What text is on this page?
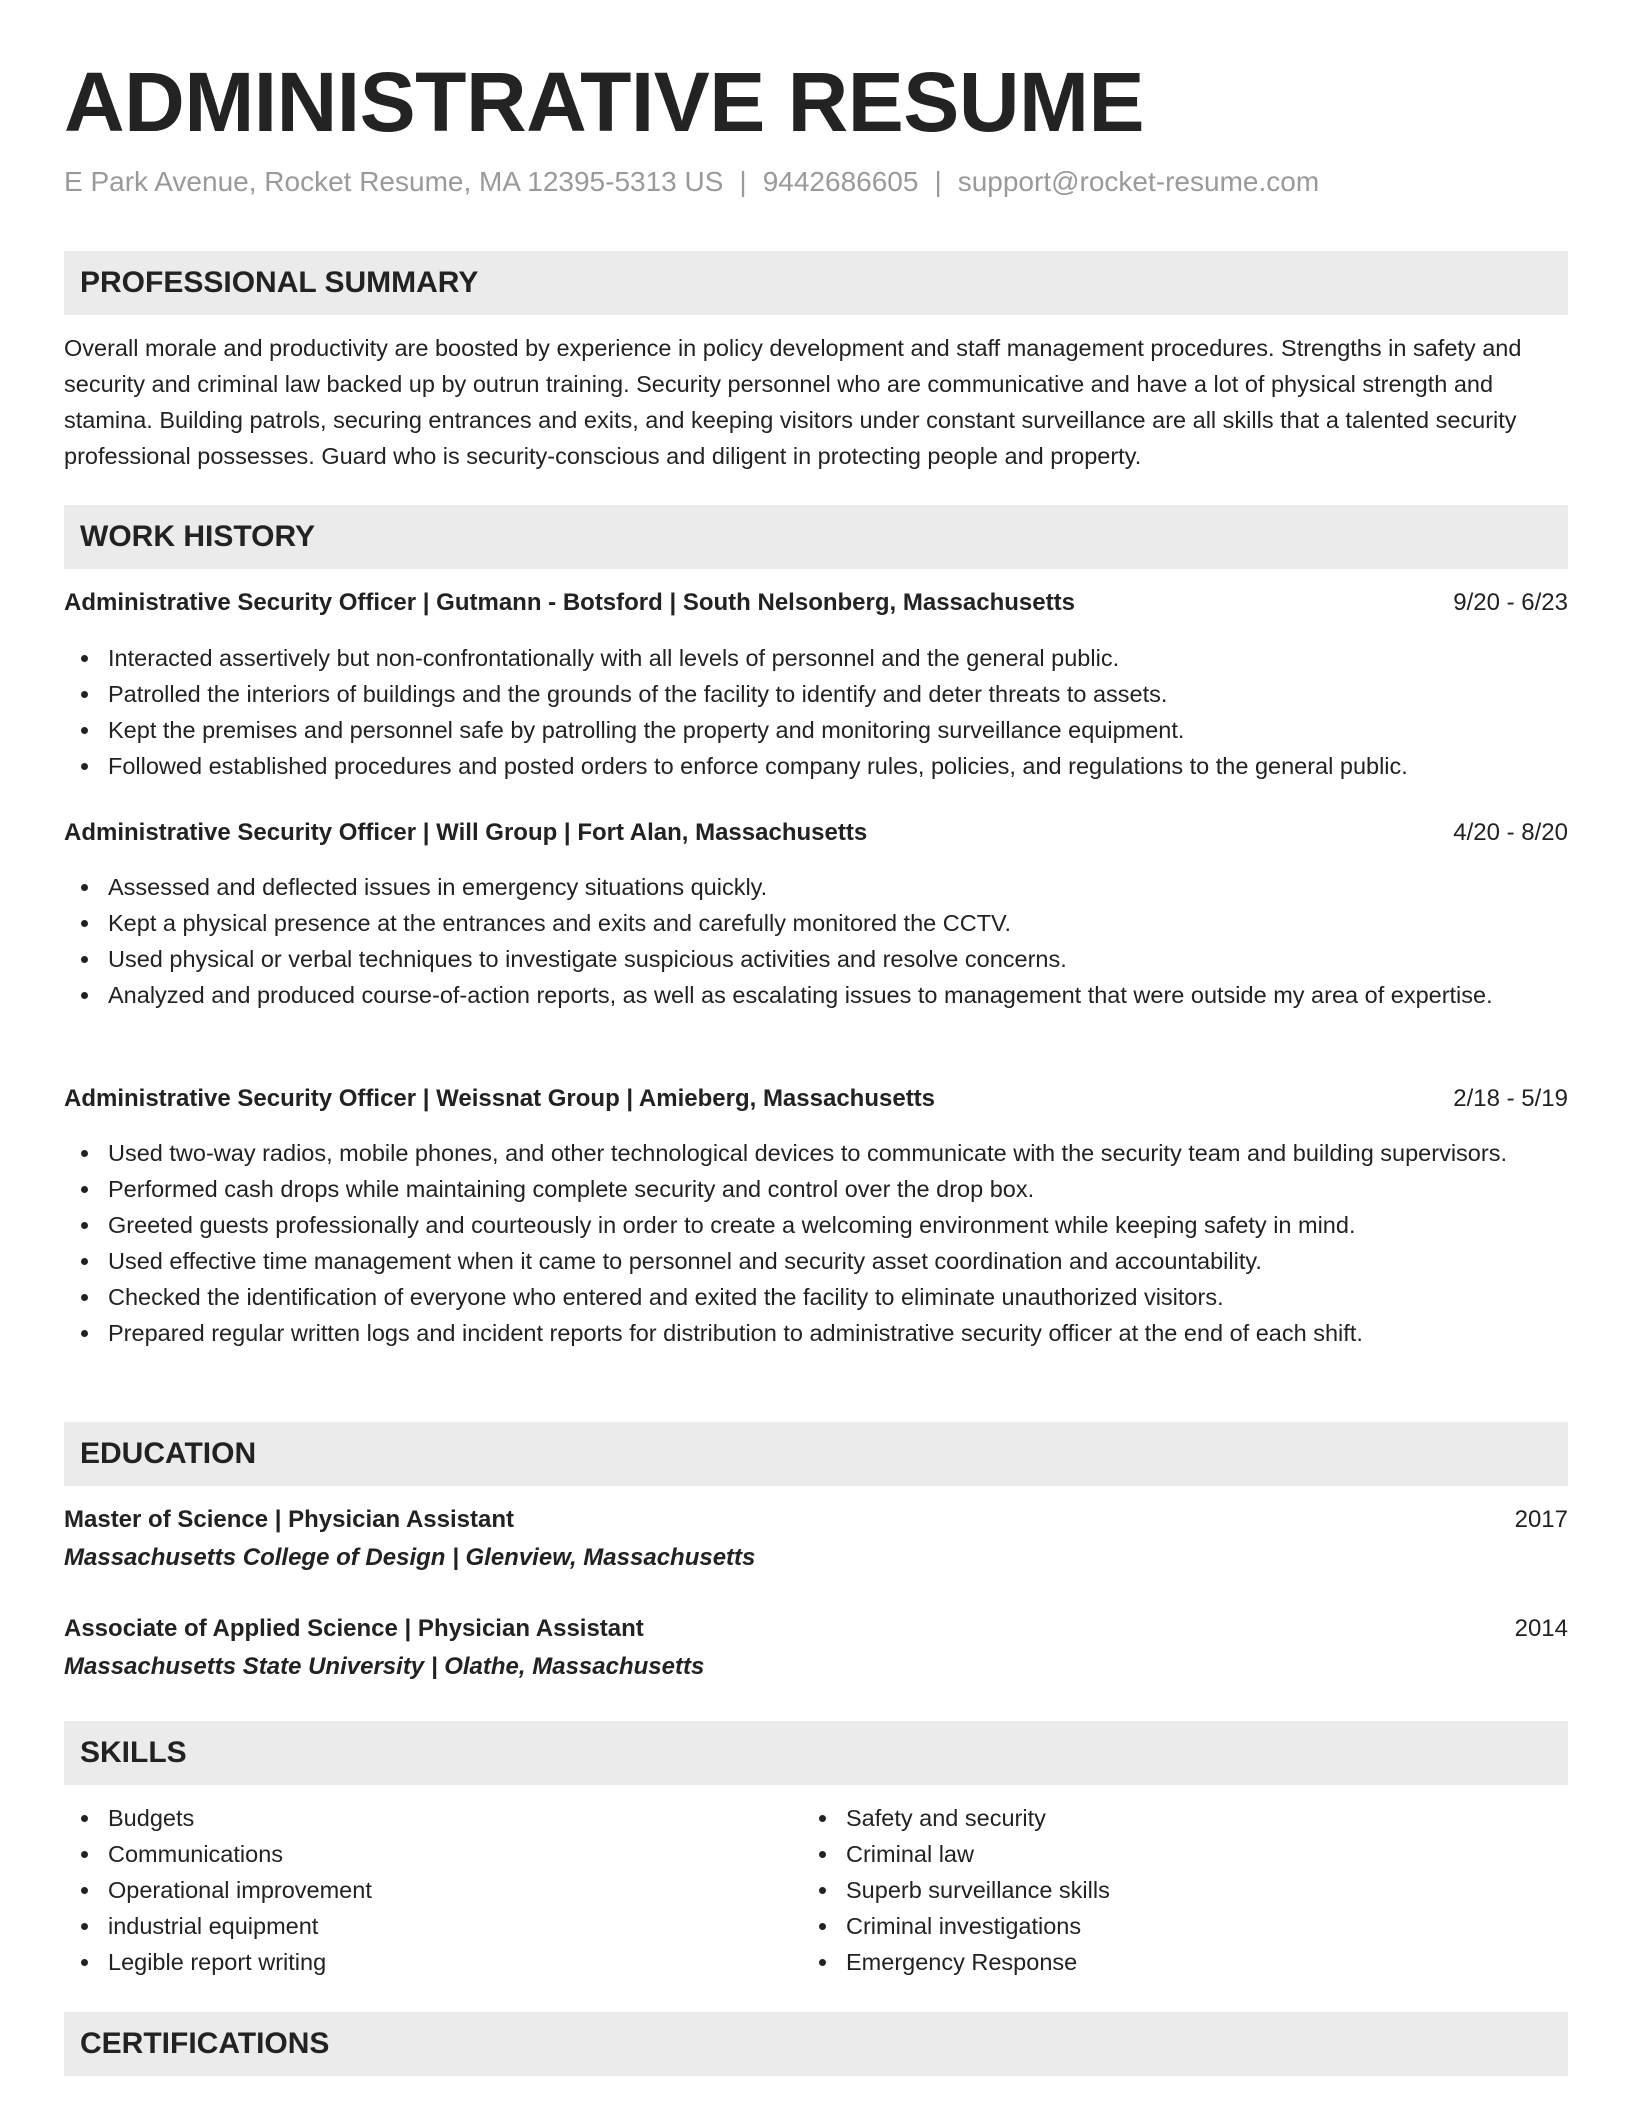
ADMINISTRATIVE RESUME
E Park Avenue, Rocket Resume, MA 12395-5313 US | 9442686605 | support@rocket-resume.com
PROFESSIONAL SUMMARY
Overall morale and productivity are boosted by experience in policy development and staff management procedures. Strengths in safety and security and criminal law backed up by outrun training. Security personnel who are communicative and have a lot of physical strength and stamina. Building patrols, securing entrances and exits, and keeping visitors under constant surveillance are all skills that a talented security professional possesses. Guard who is security-conscious and diligent in protecting people and property.
WORK HISTORY
Administrative Security Officer | Gutmann - Botsford | South Nelsonberg, Massachusetts	9/20 - 6/23
Interacted assertively but non-confrontationally with all levels of personnel and the general public.
Patrolled the interiors of buildings and the grounds of the facility to identify and deter threats to assets.
Kept the premises and personnel safe by patrolling the property and monitoring surveillance equipment.
Followed established procedures and posted orders to enforce company rules, policies, and regulations to the general public.
Administrative Security Officer | Will Group | Fort Alan, Massachusetts	4/20 - 8/20
Assessed and deflected issues in emergency situations quickly.
Kept a physical presence at the entrances and exits and carefully monitored the CCTV.
Used physical or verbal techniques to investigate suspicious activities and resolve concerns.
Analyzed and produced course-of-action reports, as well as escalating issues to management that were outside my area of expertise.
Administrative Security Officer | Weissnat Group | Amieberg, Massachusetts	2/18 - 5/19
Used two-way radios, mobile phones, and other technological devices to communicate with the security team and building supervisors.
Performed cash drops while maintaining complete security and control over the drop box.
Greeted guests professionally and courteously in order to create a welcoming environment while keeping safety in mind.
Used effective time management when it came to personnel and security asset coordination and accountability.
Checked the identification of everyone who entered and exited the facility to eliminate unauthorized visitors.
Prepared regular written logs and incident reports for distribution to administrative security officer at the end of each shift.
EDUCATION
Master of Science | Physician Assistant	2017
Massachusetts College of Design | Glenview, Massachusetts
Associate of Applied Science | Physician Assistant	2014
Massachusetts State University | Olathe, Massachusetts
SKILLS
Budgets
Communications
Operational improvement
industrial equipment
Legible report writing
Safety and security
Criminal law
Superb surveillance skills
Criminal investigations
Emergency Response
CERTIFICATIONS
